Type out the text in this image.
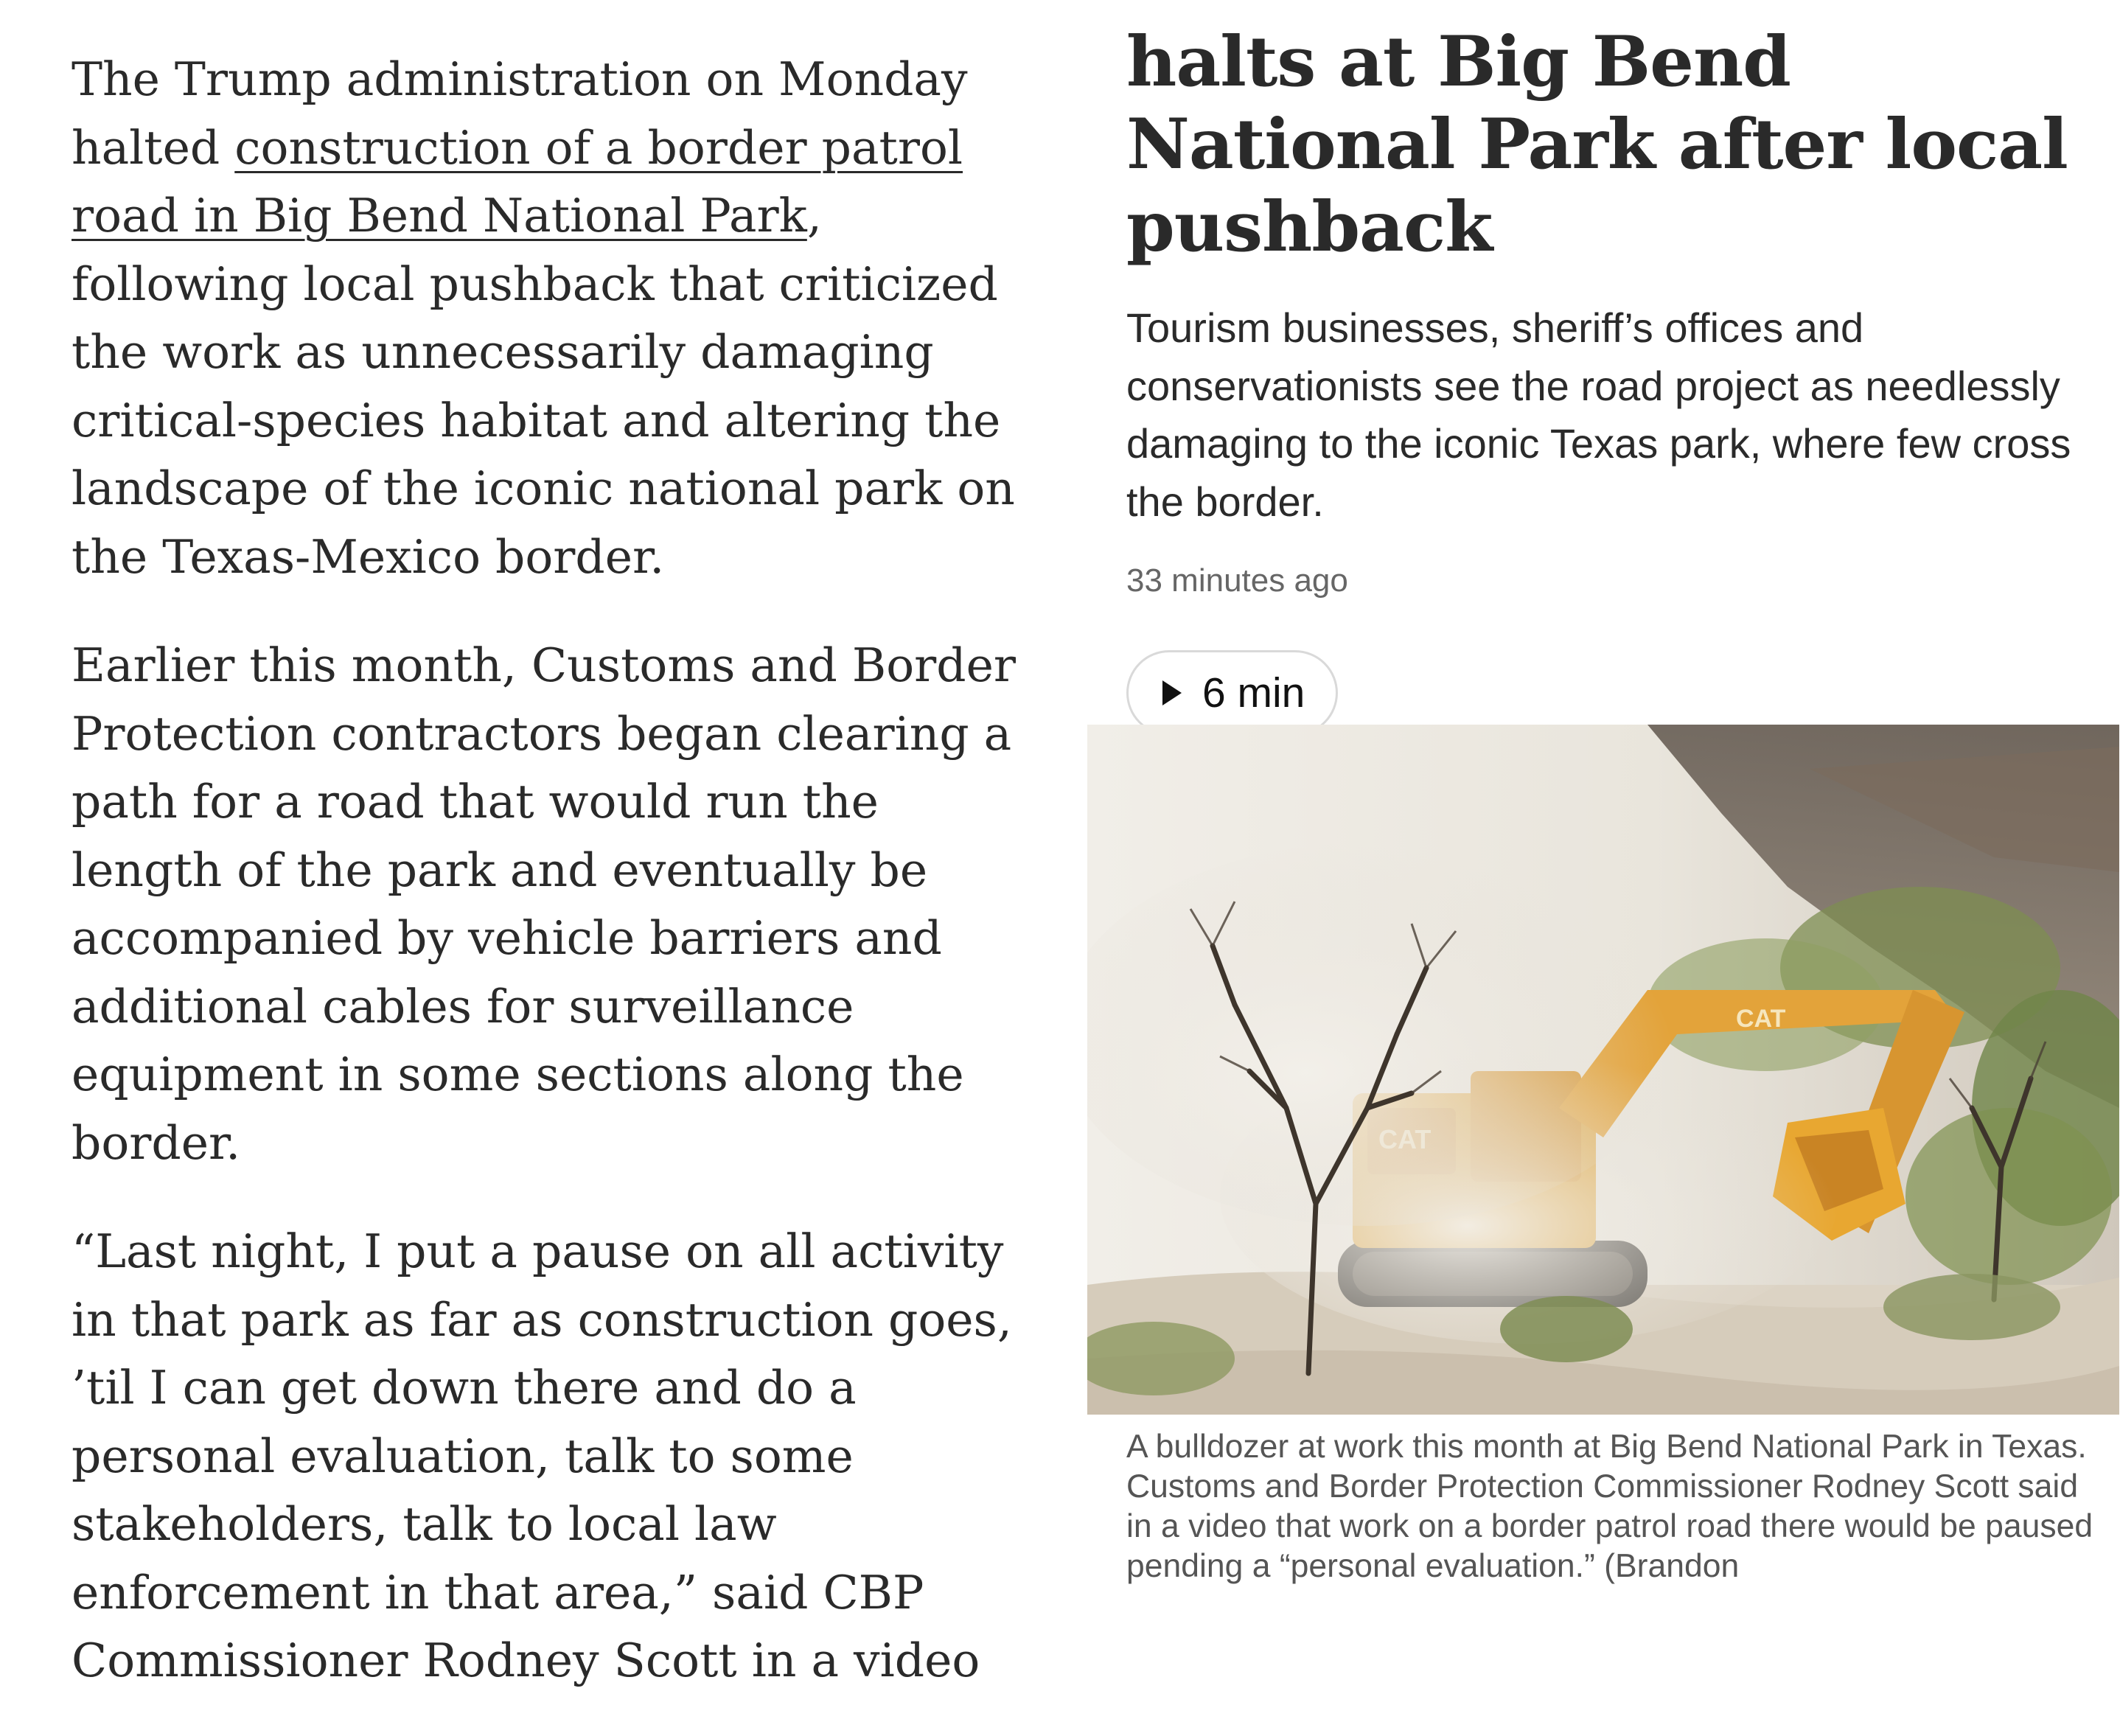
The Trump administration on Monday halted construction of a border patrol road in Big Bend National Park, following local pushback that criticized the work as unnecessarily damaging critical-species habitat and altering the landscape of the iconic national park on the Texas-Mexico border.

Earlier this month, Customs and Border Protection contractors began clearing a path for a road that would run the length of the park and eventually be accompanied by vehicle barriers and additional cables for surveillance equipment in some sections along the border.

“Last night, I put a pause on all activity in that park as far as construction goes, ’til I can get down there and do a personal evaluation, talk to some stakeholders, talk to local law enforcement in that area,” said CBP Commissioner Rodney Scott in a video

halts at Big Bend National Park after local pushback

Tourism businesses, sheriff’s offices and conservationists see the road project as needlessly damaging to the iconic Texas park, where few cross the border.

33 minutes ago

6 min
CAT

A bulldozer at work this month at Big Bend National Park in Texas. Customs and Border Protection Commissioner Rodney Scott said in a video that work on a border patrol road there would be paused pending a “personal evaluation.” (Brandon
